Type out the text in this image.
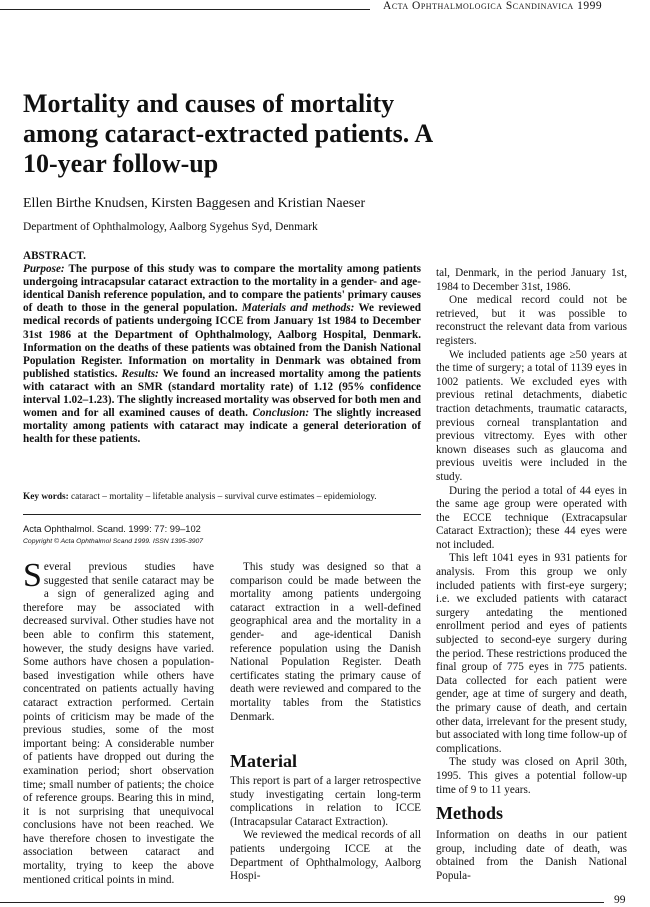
Acta Ophthalmologica Scandinavica 1999
Mortality and causes of mortality among cataract-extracted patients. A 10-year follow-up
Ellen Birthe Knudsen, Kirsten Baggesen and Kristian Naeser
Department of Ophthalmology, Aalborg Sygehus Syd, Denmark
ABSTRACT.
Purpose: The purpose of this study was to compare the mortality among patients undergoing intracapsular cataract extraction to the mortality in a gender- and age-identical Danish reference population, and to compare the patients' primary causes of death to those in the general population. Materials and methods: We reviewed medical records of patients undergoing ICCE from January 1st 1984 to December 31st 1986 at the Department of Ophthalmology, Aalborg Hospital, Denmark. Information on the deaths of these patients was obtained from the Danish National Population Register. Information on mortality in Denmark was obtained from published statistics. Results: We found an increased mortality among the patients with cataract with an SMR (standard mortality rate) of 1.12 (95% confidence interval 1.02–1.23). The slightly increased mortality was observed for both men and women and for all examined causes of death. Conclusion: The slightly increased mortality among patients with cataract may indicate a general deterioration of health for these patients.
Key words: cataract – mortality – lifetable analysis – survival curve estimates – epidemiology.
Acta Ophthalmol. Scand. 1999: 77: 99–102
Copyright © Acta Ophthalmol Scand 1999. ISSN 1395-3907

Several previous studies have suggested that senile cataract may be a sign of generalized aging and therefore may be associated with decreased survival. Other studies have not been able to confirm this statement, however, the study designs have varied. Some authors have chosen a population-based investigation while others have concentrated on patients actually having cataract extraction performed. Certain points of criticism may be made of the previous studies, some of the most important being: A considerable number of patients have dropped out during the examination period; short observation time; small number of patients; the choice of reference groups. Bearing this in mind, it is not surprising that unequivocal conclusions have not been reached. We have therefore chosen to investigate the association between cataract and mortality, trying to keep the above mentioned critical points in mind.

This study was designed so that a comparison could be made between the mortality among patients undergoing cataract extraction in a well-defined geographical area and the mortality in a gender- and age-identical Danish reference population using the Danish National Population Register. Death certificates stating the primary cause of death were reviewed and compared to the mortality tables from the Statistics Denmark.

Material

This report is part of a larger retrospective study investigating certain long-term complications in relation to ICCE (Intracapsular Cataract Extraction).

We reviewed the medical records of all patients undergoing ICCE at the Department of Ophthalmology, Aalborg Hospi-

tal, Denmark, in the period January 1st, 1984 to December 31st, 1986.

One medical record could not be retrieved, but it was possible to reconstruct the relevant data from various registers.

We included patients age ≥50 years at the time of surgery; a total of 1139 eyes in 1002 patients. We excluded eyes with previous retinal detachments, diabetic traction detachments, traumatic cataracts, previous corneal transplantation and previous vitrectomy. Eyes with other known diseases such as glaucoma and previous uveitis were included in the study.

During the period a total of 44 eyes in the same age group were operated with the ECCE technique (Extracapsular Cataract Extraction); these 44 eyes were not included.

This left 1041 eyes in 931 patients for analysis. From this group we only included patients with first-eye surgery; i.e. we excluded patients with cataract surgery antedating the mentioned enrollment period and eyes of patients subjected to second-eye surgery during the period. These restrictions produced the final group of 775 eyes in 775 patients. Data collected for each patient were gender, age at time of surgery and death, the primary cause of death, and certain other data, irrelevant for the present study, but associated with long time follow-up of complications.

The study was closed on April 30th, 1995. This gives a potential follow-up time of 9 to 11 years.

Methods

Information on deaths in our patient group, including date of death, was obtained from the Danish National Popula-

99
